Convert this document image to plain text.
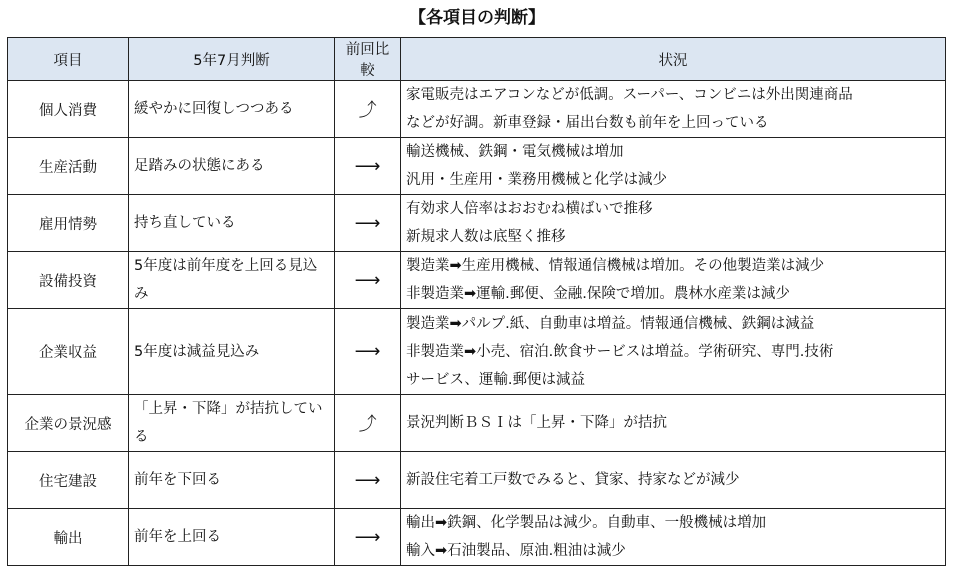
【各項目の判断】
項目	5年7月判断	前回比較	状況
個人消費	緩やかに回復しつつある	⤴	家電販売はエアコンなどが低調。スーパー、コンビニは外出関連商品
などが好調。新車登録・届出台数も前年を上回っている

生産活動	足踏みの状態にある	⟶	輸送機械、鉄鋼・電気機械は増加
汎用・生産用・業務用機械と化学は減少

雇用情勢	持ち直している	⟶	有効求人倍率はおおむね横ばいで推移
新規求人数は底堅く推移

設備投資	5年度は前年度を上回る見込み	⟶	製造業➡生産用機械、情報通信機械は増加。その他製造業は減少
非製造業➡運輸.郵便、金融.保険で増加。農林水産業は減少

企業収益	5年度は減益見込み	⟶	製造業➡パルプ.紙、自動車は増益。情報通信機械、鉄鋼は減益
非製造業➡小売、宿泊.飲食サービスは増益。学術研究、専門.技術
サービス、運輸.郵便は減益

企業の景況感	「上昇・下降」が拮抗している	⤴	景況判断ＢＳＩは「上昇・下降」が拮抗

住宅建設	前年を下回る	⟶	新設住宅着工戸数でみると、貸家、持家などが減少

輸出	前年を上回る	⟶	輸出➡鉄鋼、化学製品は減少。自動車、一般機械は増加
輸入➡石油製品、原油.粗油は減少
